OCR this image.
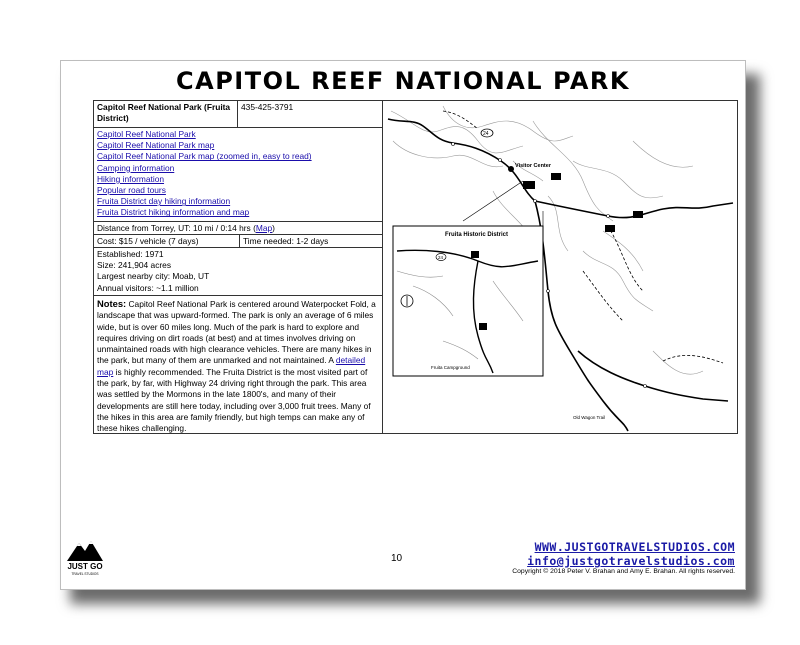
CAPITOL REEF NATIONAL PARK
Capitol Reef National Park (Fruita District)
435-425-3791
Capitol Reef National Park
Capitol Reef National Park map
Capitol Reef National Park map (zoomed in, easy to read)
Camping information
Hiking information
Popular road tours
Fruita District day hiking information
Fruita District hiking information and map
Distance from Torrey, UT: 10 mi / 0:14 hrs (Map)
Cost: $15 / vehicle (7 days)	Time needed: 1-2 days
Established: 1971
Size: 241,904 acres
Largest nearby city: Moab, UT
Annual visitors: ~1.1 million
Notes: Capitol Reef National Park is centered around Waterpocket Fold, a landscape that was upward-formed. The park is only an average of 6 miles wide, but is over 60 miles long. Much of the park is hard to explore and requires driving on dirt roads (at best) and at times involves driving on unmaintained roads with high clearance vehicles. There are many hikes in the park, but many of them are unmarked and not maintained. A detailed map is highly recommended. The Fruita District is the most visited part of the park, by far, with Highway 24 driving right through the park. This area was settled by the Mormons in the late 1800's, and many of their developments are still here today, including over 3,000 fruit trees. Many of the hikes in this area are family friendly, but high temps can make any of these hikes challenging.
Visitor Center
24
Old Wagon Trail
Fruita Historic District
24
Fruita Campground
JUST GO
TRAVEL STUDIOS
10
WWW.JUSTGOTRAVELSTUDIOS.COM
info@justgotravelstudios.com
Copyright © 2018 Peter V. Brahan and Amy E. Brahan. All rights reserved.
